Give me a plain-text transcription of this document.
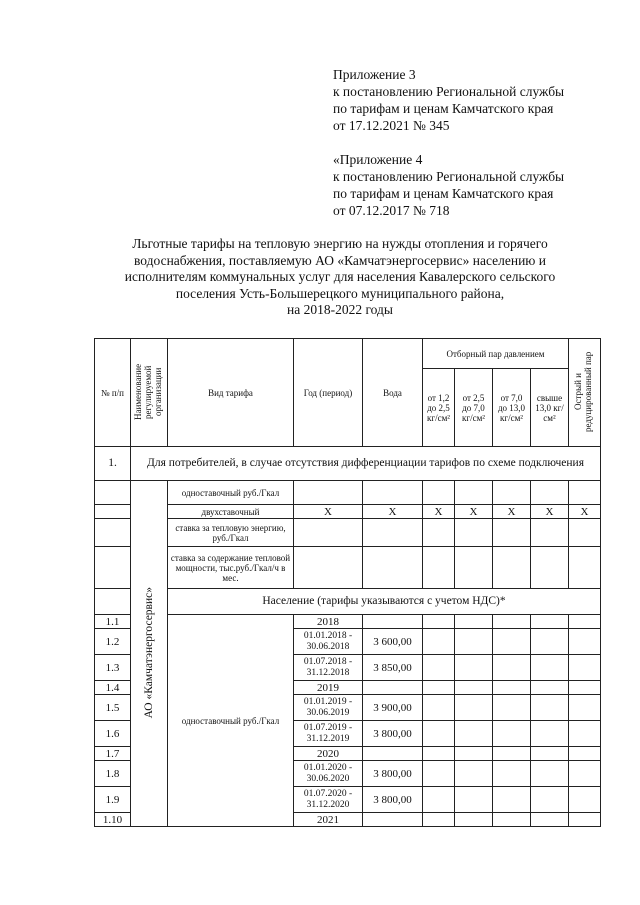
Приложение 3
к постановлению Региональной службы
по тарифам и ценам Камчатского края
от 17.12.2021 № 345
«Приложение 4
к постановлению Региональной службы
по тарифам и ценам Камчатского края
от 07.12.2017 № 718
Льготные тарифы на тепловую энергию на нужды отопления и горячего
водоснабжения, поставляемую АО «Камчатэнергосервис» населению и
исполнителям коммунальных услуг для населения Кавалерского сельского
поселения Усть-Большерецкого муниципального района,
на 2018-2022 годы
№ п/п	Наименование регулируемой организации	Вид тарифа	Год (период)	Вода	Отборный пар давлением				Острый и редуцированный пар
					от 1,2 до 2,5 кг/см²	от 2,5 до 7,0 кг/см²	от 7,0 до 13,0 кг/см²	свыше 13,0 кг/см²	
1.	Для потребителей, в случае отсутствия дифференциации тарифов по схеме подключения								
	АО «Камчатэнергосервис»	одноставочный руб./Гкал							
		двухставочный	Х	Х	Х	Х	Х	Х	Х
		ставка за тепловую энергию, руб./Гкал							
		ставка за содержание тепловой мощности, тыс.руб./Гкал/ч в мес.							
		Население (тарифы указываются с учетом НДС)*							
1.1		одноставочный руб./Гкал	2018						
1.2			01.01.2018 - 30.06.2018	3 600,00					
1.3			01.07.2018 - 31.12.2018	3 850,00					
1.4			2019						
1.5			01.01.2019 - 30.06.2019	3 900,00					
1.6			01.07.2019 - 31.12.2019	3 800,00					
1.7			2020						
1.8			01.01.2020 - 30.06.2020	3 800,00					
1.9			01.07.2020 - 31.12.2020	3 800,00					
1.10			2021						
